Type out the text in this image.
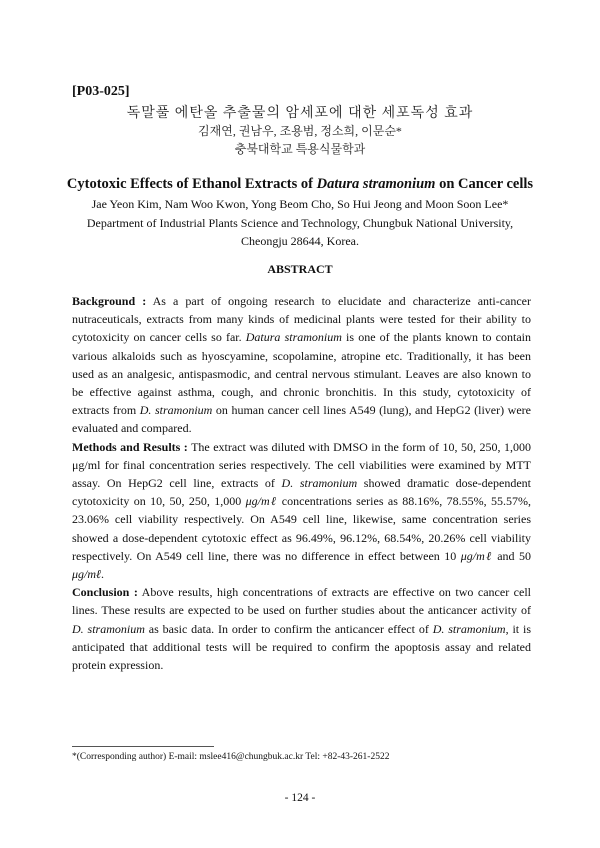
[P03-025]
독말풀 에탄올 추출물의 암세포에 대한 세포독성 효과
김재연, 권남우, 조용범, 정소희, 이문순*
충북대학교 특용식물학과
Cytotoxic Effects of Ethanol Extracts of Datura stramonium on Cancer cells
Jae Yeon Kim, Nam Woo Kwon, Yong Beom Cho, So Hui Jeong and Moon Soon Lee*
Department of Industrial Plants Science and Technology, Chungbuk National University, Cheongju 28644, Korea.
ABSTRACT

Background : As a part of ongoing research to elucidate and characterize anti-cancer nutraceuticals, extracts from many kinds of medicinal plants were tested for their ability to cytotoxicity on cancer cells so far. Datura stramonium is one of the plants known to contain various alkaloids such as hyoscyamine, scopolamine, atropine etc. Traditionally, it has been used as an analgesic, antispasmodic, and central nervous stimulant. Leaves are also known to be effective against asthma, cough, and chronic bronchitis. In this study, cytotoxicity of extracts from D. stramonium on human cancer cell lines A549 (lung), and HepG2 (liver) were evaluated and compared.

Methods and Results : The extract was diluted with DMSO in the form of 10, 50, 250, 1,000 μg/ml for final concentration series respectively. The cell viabilities were examined by MTT assay. On HepG2 cell line, extracts of D. stramonium showed dramatic dose-dependent cytotoxicity on 10, 50, 250, 1,000 μg/mℓ concentrations series as 88.16%, 78.55%, 55.57%, 23.06% cell viability respectively. On A549 cell line, likewise, same concentration series showed a dose-dependent cytotoxic effect as 96.49%, 96.12%, 68.54%, 20.26% cell viability respectively. On A549 cell line, there was no difference in effect between 10 μg/mℓ and 50 μg/mℓ.

Conclusion : Above results, high concentrations of extracts are effective on two cancer cell lines. These results are expected to be used on further studies about the anticancer activity of D. stramonium as basic data. In order to confirm the anticancer effect of D. stramonium, it is anticipated that additional tests will be required to confirm the apoptosis assay and related protein expression.

*(Corresponding author) E-mail: mslee416@chungbuk.ac.kr Tel: +82-43-261-2522
- 124 -
